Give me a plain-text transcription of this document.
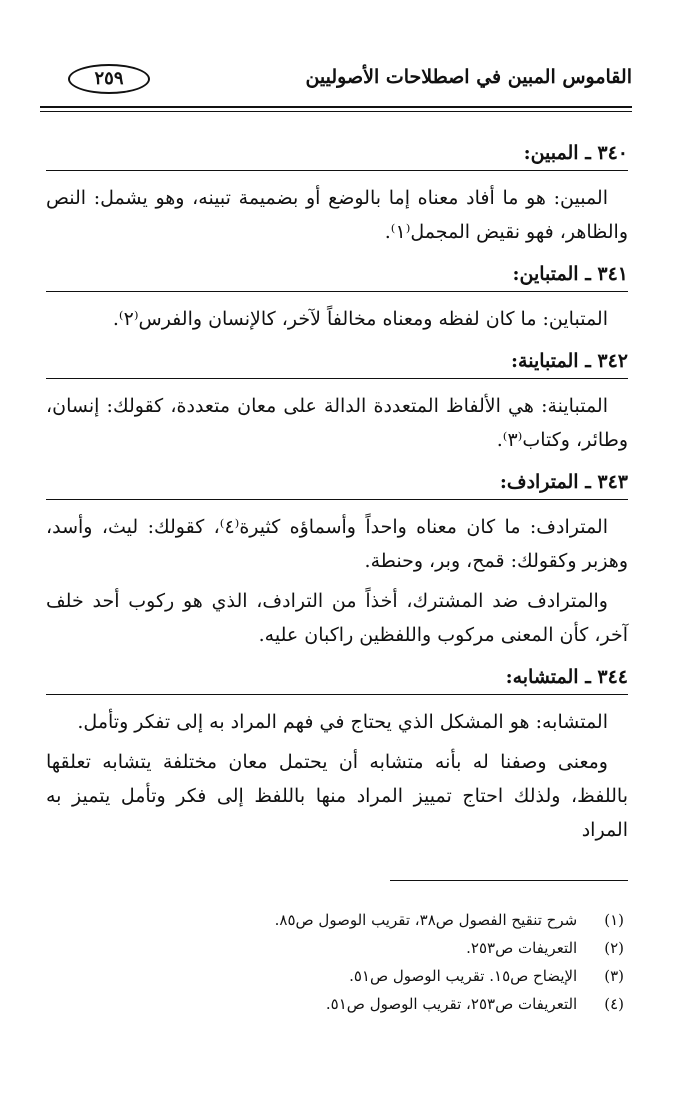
القاموس المبين في اصطلاحات الأصوليين
٢٥٩
٣٤٠ ـ المبين:

المبين: هو ما أفاد معناه إما بالوضع أو بضميمة تبينه، وهو يشمل: النص والظاهر، فهو نقيض المجمل⁽١⁾.

٣٤١ ـ المتباين:

المتباين: ما كان لفظه ومعناه مخالفاً لآخر، كالإنسان والفرس⁽٢⁾.

٣٤٢ ـ المتباينة:

المتباينة: هي الألفاظ المتعددة الدالة على معان متعددة، كقولك: إنسان، وطائر، وكتاب⁽٣⁾.

٣٤٣ ـ المترادف:

المترادف: ما كان معناه واحداً وأسماؤه كثيرة⁽٤⁾، كقولك: ليث، وأسد، وهزبر وكقولك: قمح، وبر، وحنطة.

والمترادف ضد المشترك، أخذاً من الترادف، الذي هو ركوب أحد خلف آخر، كأن المعنى مركوب واللفظين راكبان عليه.

٣٤٤ ـ المتشابه:

المتشابه: هو المشكل الذي يحتاج في فهم المراد به إلى تفكر وتأمل.

ومعنى وصفنا له بأنه متشابه أن يحتمل معان مختلفة يتشابه تعلقها باللفظ، ولذلك احتاج تمييز المراد منها باللفظ إلى فكر وتأمل يتميز به المراد

(١) شرح تنقيح الفصول ص٣٨، تقريب الوصول ص٨٥.
(٢) التعريفات ص٢٥٣.
(٣) الإيضاح ص١٥. تقريب الوصول ص٥١.
(٤) التعريفات ص٢٥٣، تقريب الوصول ص٥١.
